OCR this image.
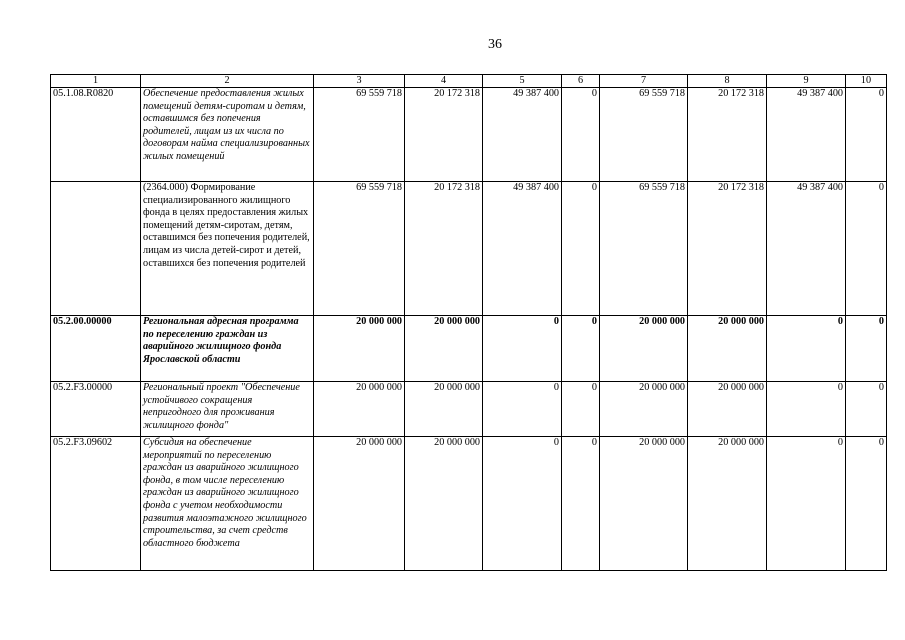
36
1	2	3	4	5	6	7	8	9	10
05.1.08.R0820	Обеспечение предоставления жилых помещений детям-сиротам и детям, оставшимся без попечения родителей, лицам из их числа по договорам найма специализированных жилых помещений	69 559 718	20 172 318	49 387 400	0	69 559 718	20 172 318	49 387 400	0
	(2364.000) Формирование специализированного жилищного фонда в целях предоставления жилых помещений детям-сиротам, детям, оставшимся без попечения родителей, лицам из числа детей-сирот и детей, оставшихся без попечения родителей	69 559 718	20 172 318	49 387 400	0	69 559 718	20 172 318	49 387 400	0
05.2.00.00000	Региональная адресная программа по переселению граждан из аварийного жилищного фонда Ярославской области	20 000 000	20 000 000	0	0	20 000 000	20 000 000	0	0
05.2.F3.00000	Региональный проект "Обеспечение устойчивого сокращения непригодного для проживания жилищного фонда"	20 000 000	20 000 000	0	0	20 000 000	20 000 000	0	0
05.2.F3.09602	Субсидия на обеспечение мероприятий по переселению граждан из аварийного жилищного фонда, в том числе переселению граждан из аварийного жилищного фонда с учетом необходимости развития малоэтажного жилищного строительства, за счет средств областного бюджета	20 000 000	20 000 000	0	0	20 000 000	20 000 000	0	0
